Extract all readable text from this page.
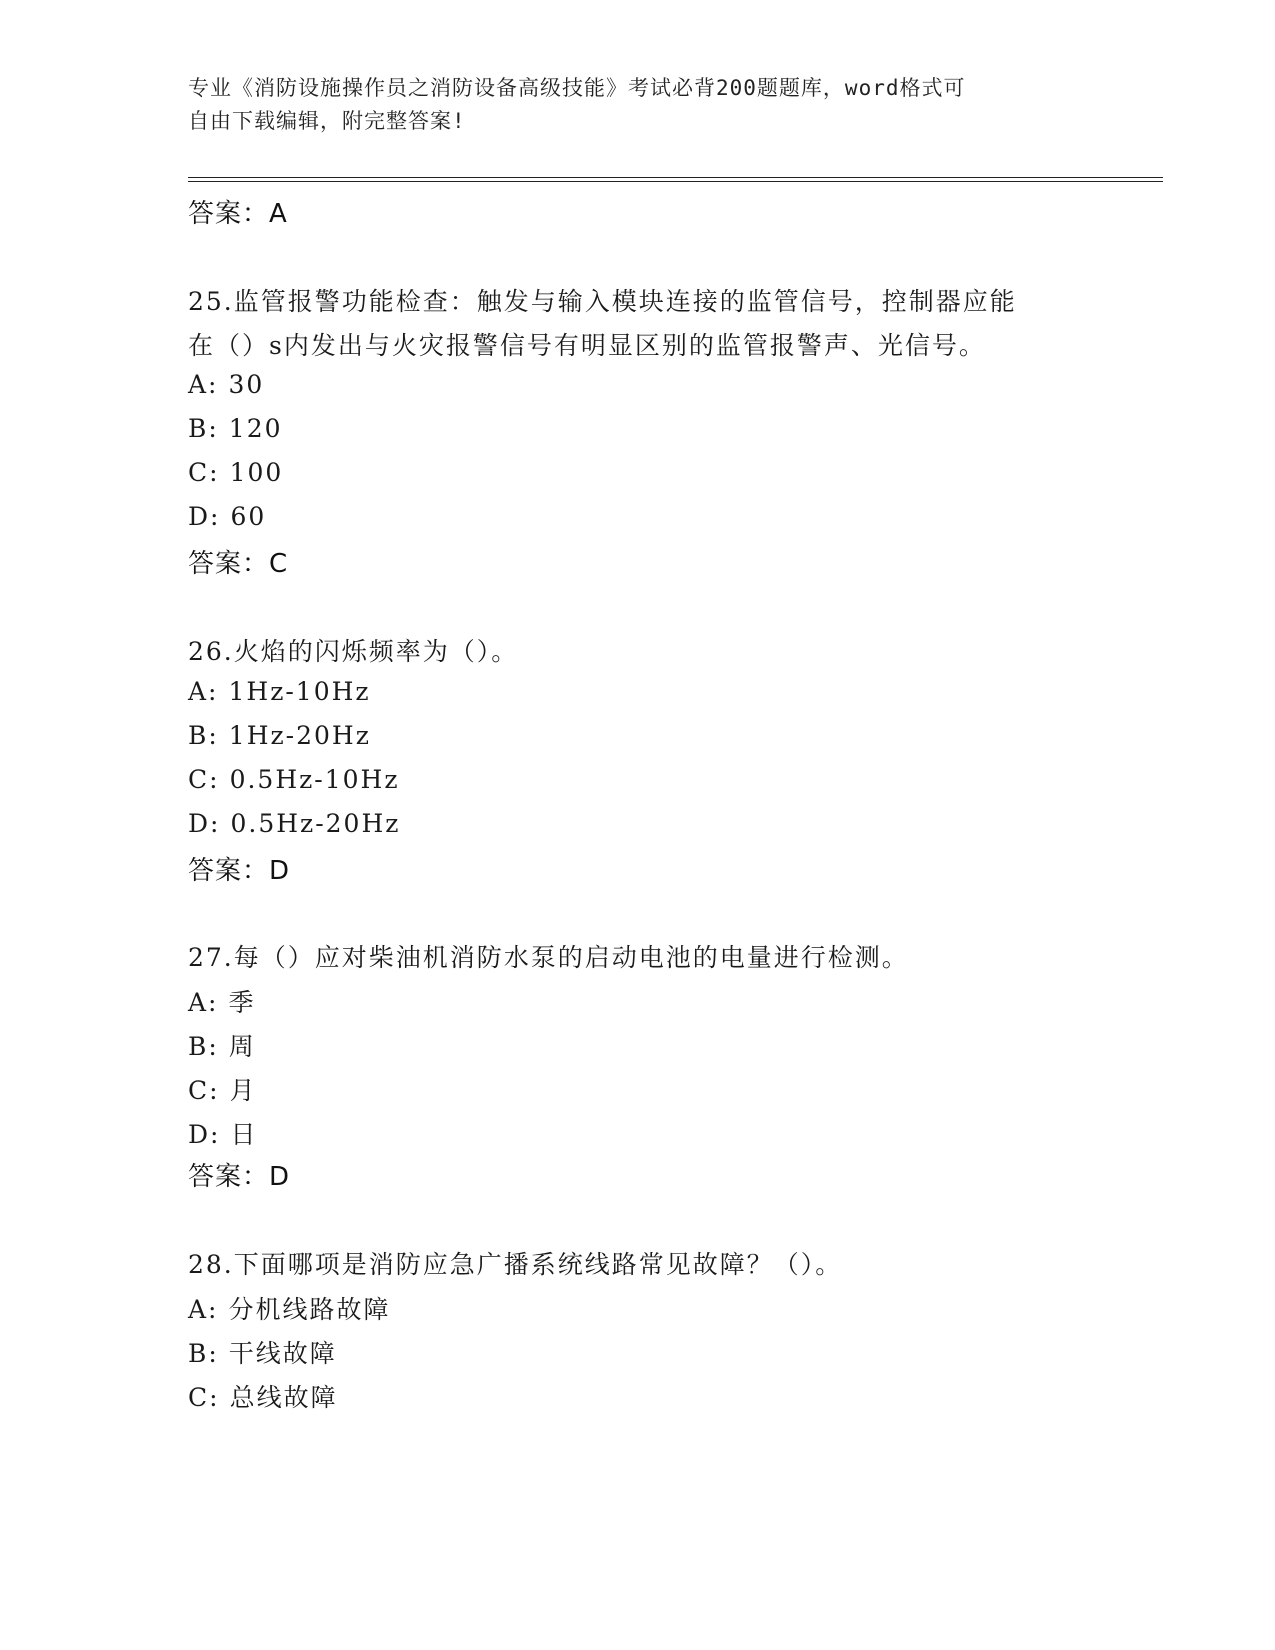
专业《消防设施操作员之消防设备高级技能》考试必背200题题库，word格式可
自由下载编辑，附完整答案!
答案：A
25.监管报警功能检查：触发与输入模块连接的监管信号，控制器应能
在（）s内发出与火灾报警信号有明显区别的监管报警声、光信号。
A: 30
B: 120
C: 100
D: 60
答案：C
26.火焰的闪烁频率为（）。
A: 1Hz-10Hz
B: 1Hz-20Hz
C: 0.5Hz-10Hz
D: 0.5Hz-20Hz
答案：D
27.每（）应对柴油机消防水泵的启动电池的电量进行检测。
A: 季
B: 周
C: 月
D: 日
答案：D
28.下面哪项是消防应急广播系统线路常见故障？（）。
A: 分机线路故障
B: 干线故障
C: 总线故障
